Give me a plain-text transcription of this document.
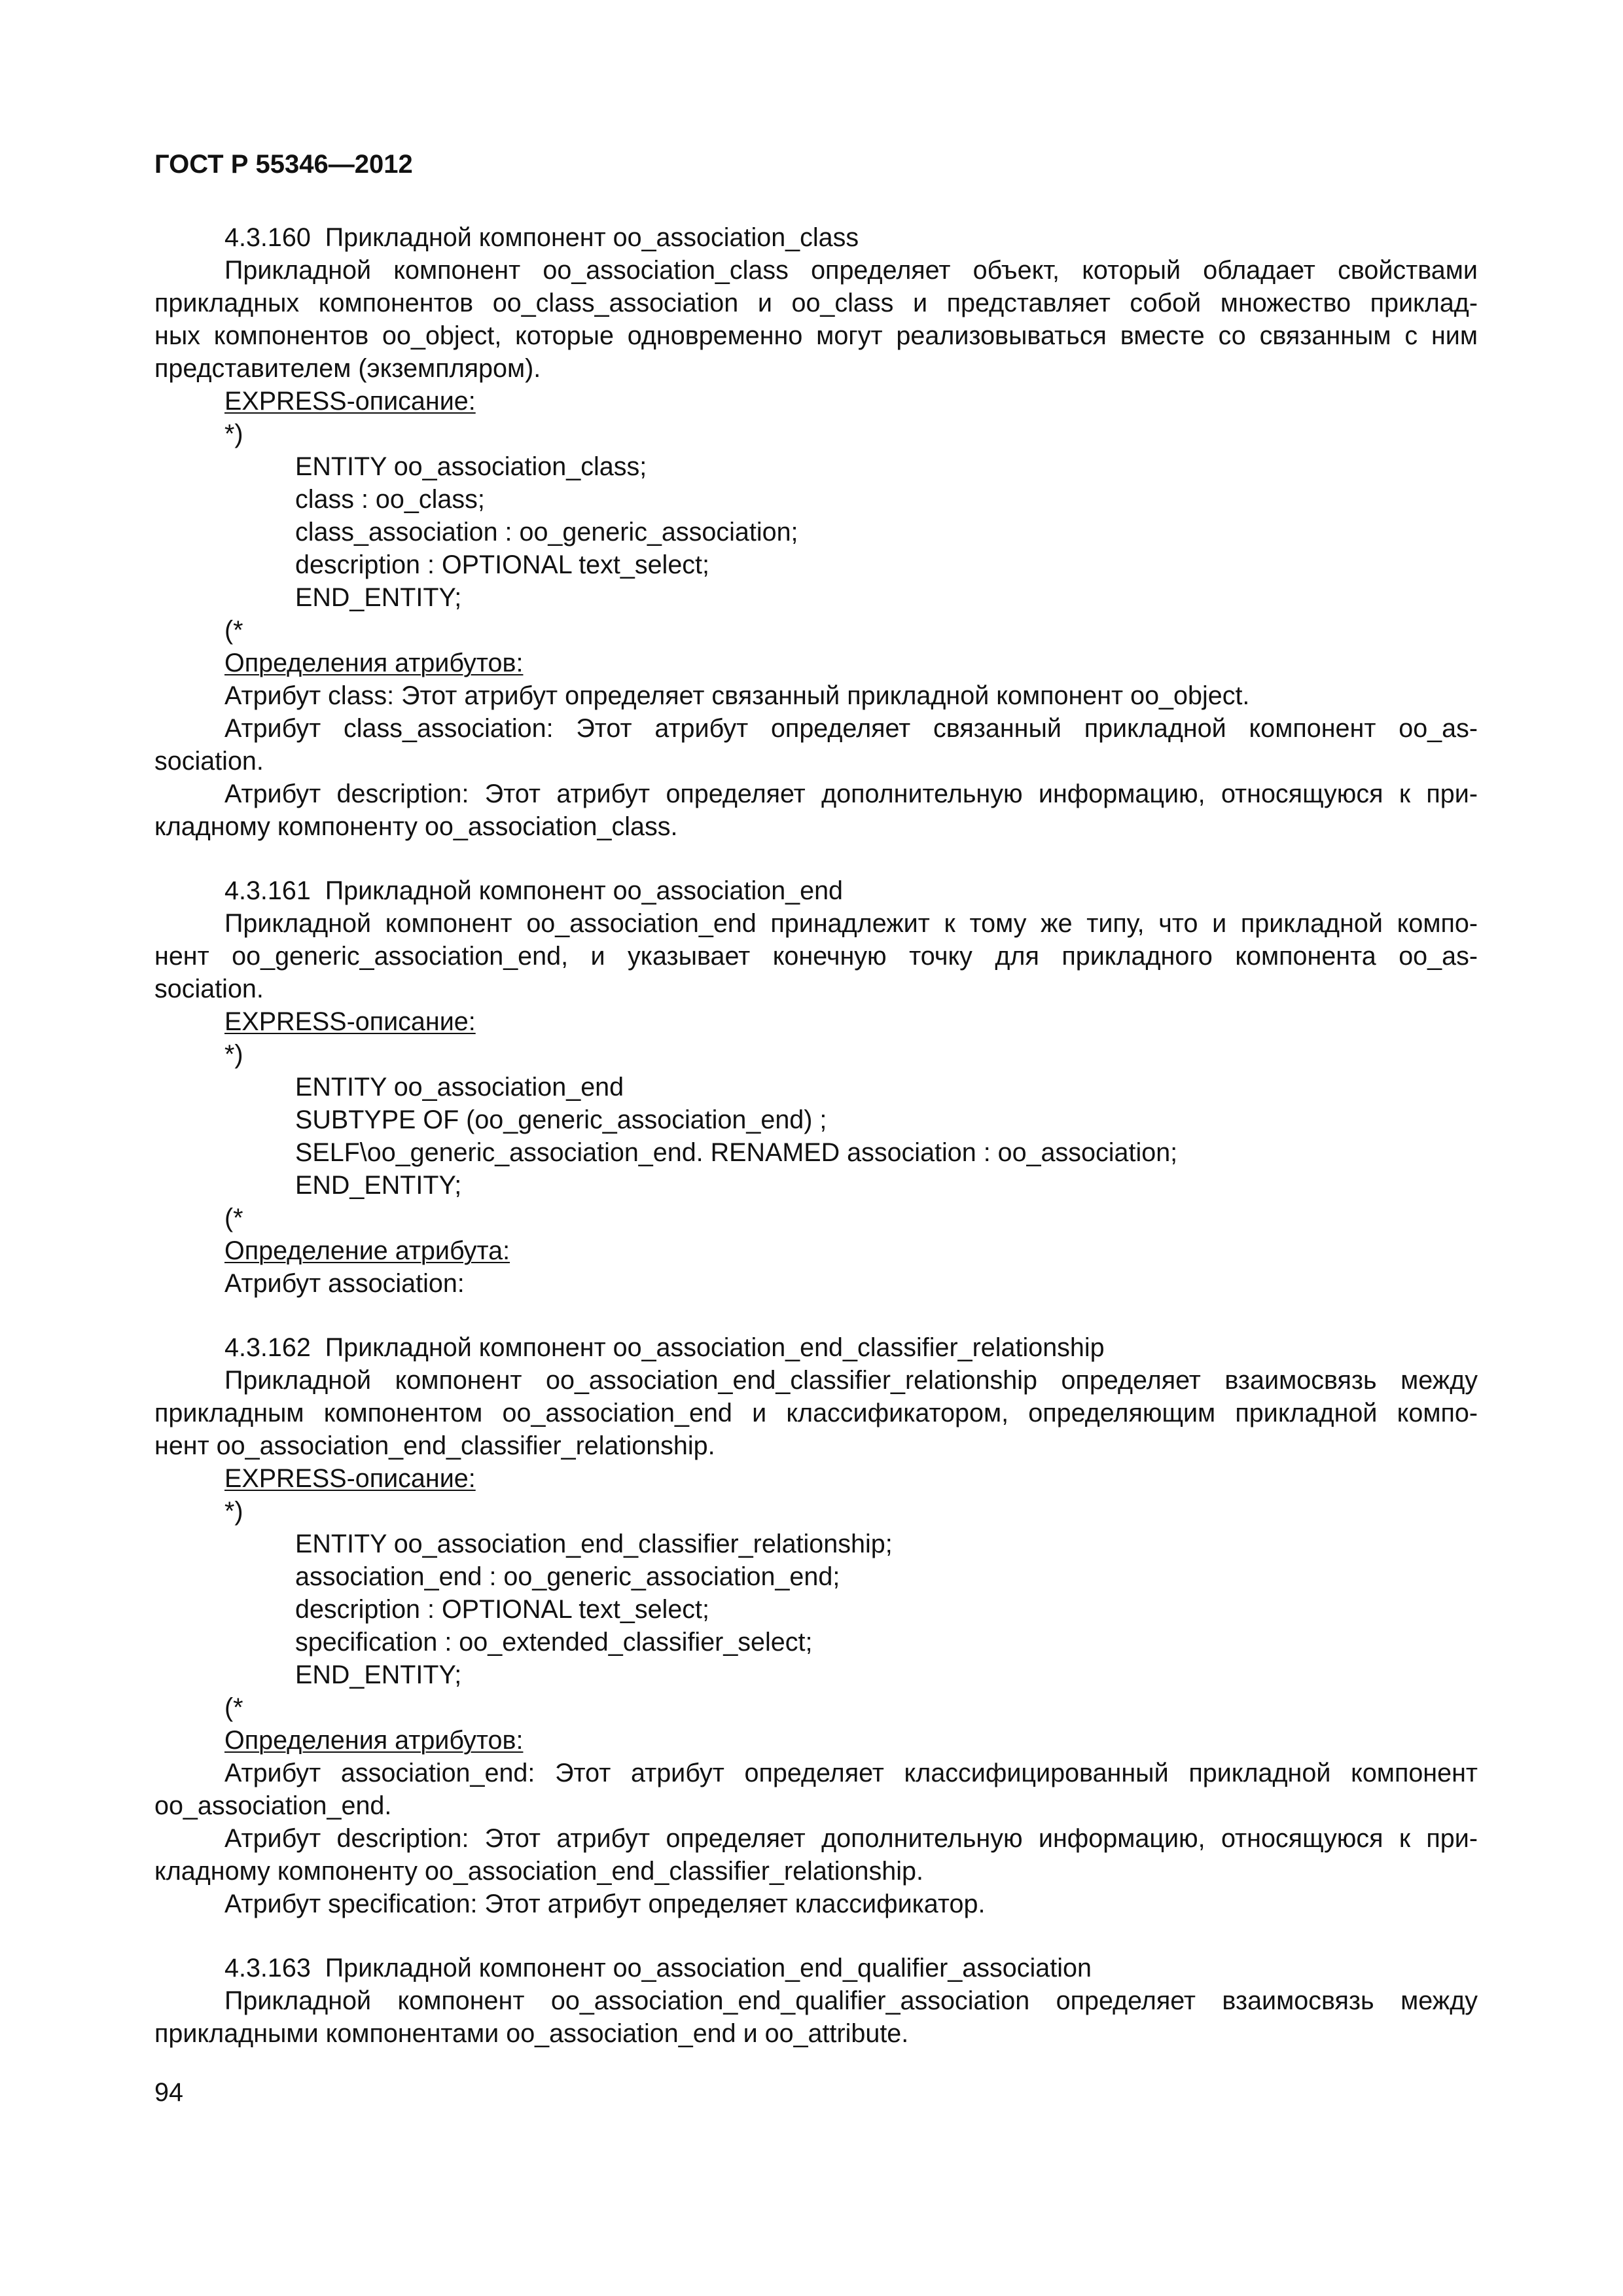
ГОСТ Р 55346—2012
4.3.160  Прикладной компонент oo_association_class
Прикладной компонент oo_association_class определяет объект, который обладает свойствами
прикладных компонентов oo_class_association и oo_class и представляет собой множество приклад-
ных компонентов oo_object, которые одновременно могут реализовываться вместе со связанным с ним
представителем (экземпляром).
EXPRESS-описание:
*)
ENTITY oo_association_class;
class : oo_class;
class_association : oo_generic_association;
description : OPTIONAL text_select;
END_ENTITY;
(*
Определения атрибутов:
Атрибут class: Этот атрибут определяет связанный прикладной компонент oo_object.
Атрибут class_association: Этот атрибут определяет связанный прикладной компонент oo_as-
sociation.
Атрибут description: Этот атрибут определяет дополнительную информацию, относящуюся к при-
кладному компоненту oo_association_class.
4.3.161  Прикладной компонент oo_association_end
Прикладной компонент oo_association_end принадлежит к тому же типу, что и прикладной компо-
нент oo_generic_association_end, и указывает конечную точку для прикладного компонента oo_as-
sociation.
EXPRESS-описание:
*)
ENTITY oo_association_end
SUBTYPE OF (oo_generic_association_end) ;
SELF\oo_generic_association_end. RENAMED association : oo_association;
END_ENTITY;
(*
Определение атрибута:
Атрибут association:
4.3.162  Прикладной компонент oo_association_end_classifier_relationship
Прикладной компонент oo_association_end_classifier_relationship определяет взаимосвязь между
прикладным компонентом oo_association_end и классификатором, определяющим прикладной компо-
нент oo_association_end_classifier_relationship.
EXPRESS-описание:
*)
ENTITY oo_association_end_classifier_relationship;
association_end : oo_generic_association_end;
description : OPTIONAL text_select;
specification : oo_extended_classifier_select;
END_ENTITY;
(*
Определения атрибутов:
Атрибут association_end: Этот атрибут определяет классифицированный прикладной компонент
oo_association_end.
Атрибут description: Этот атрибут определяет дополнительную информацию, относящуюся к при-
кладному компоненту oo_association_end_classifier_relationship.
Атрибут specification: Этот атрибут определяет классификатор.
4.3.163  Прикладной компонент oo_association_end_qualifier_association
Прикладной компонент oo_association_end_qualifier_association определяет взаимосвязь между
прикладными компонентами oo_association_end и oo_attribute.
94
